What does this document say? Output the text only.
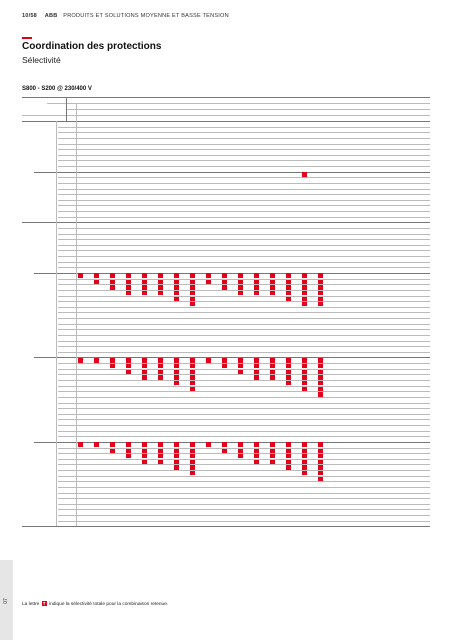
10/58 ABB PRODUITS ET SOLUTIONS MOYENNE ET BASSE TENSION
Coordination des protections
Sélectivité
S800 - S200 @ 230/400 V
La lettre T indique la sélectivité totale pour la combinaison retenue.
07
